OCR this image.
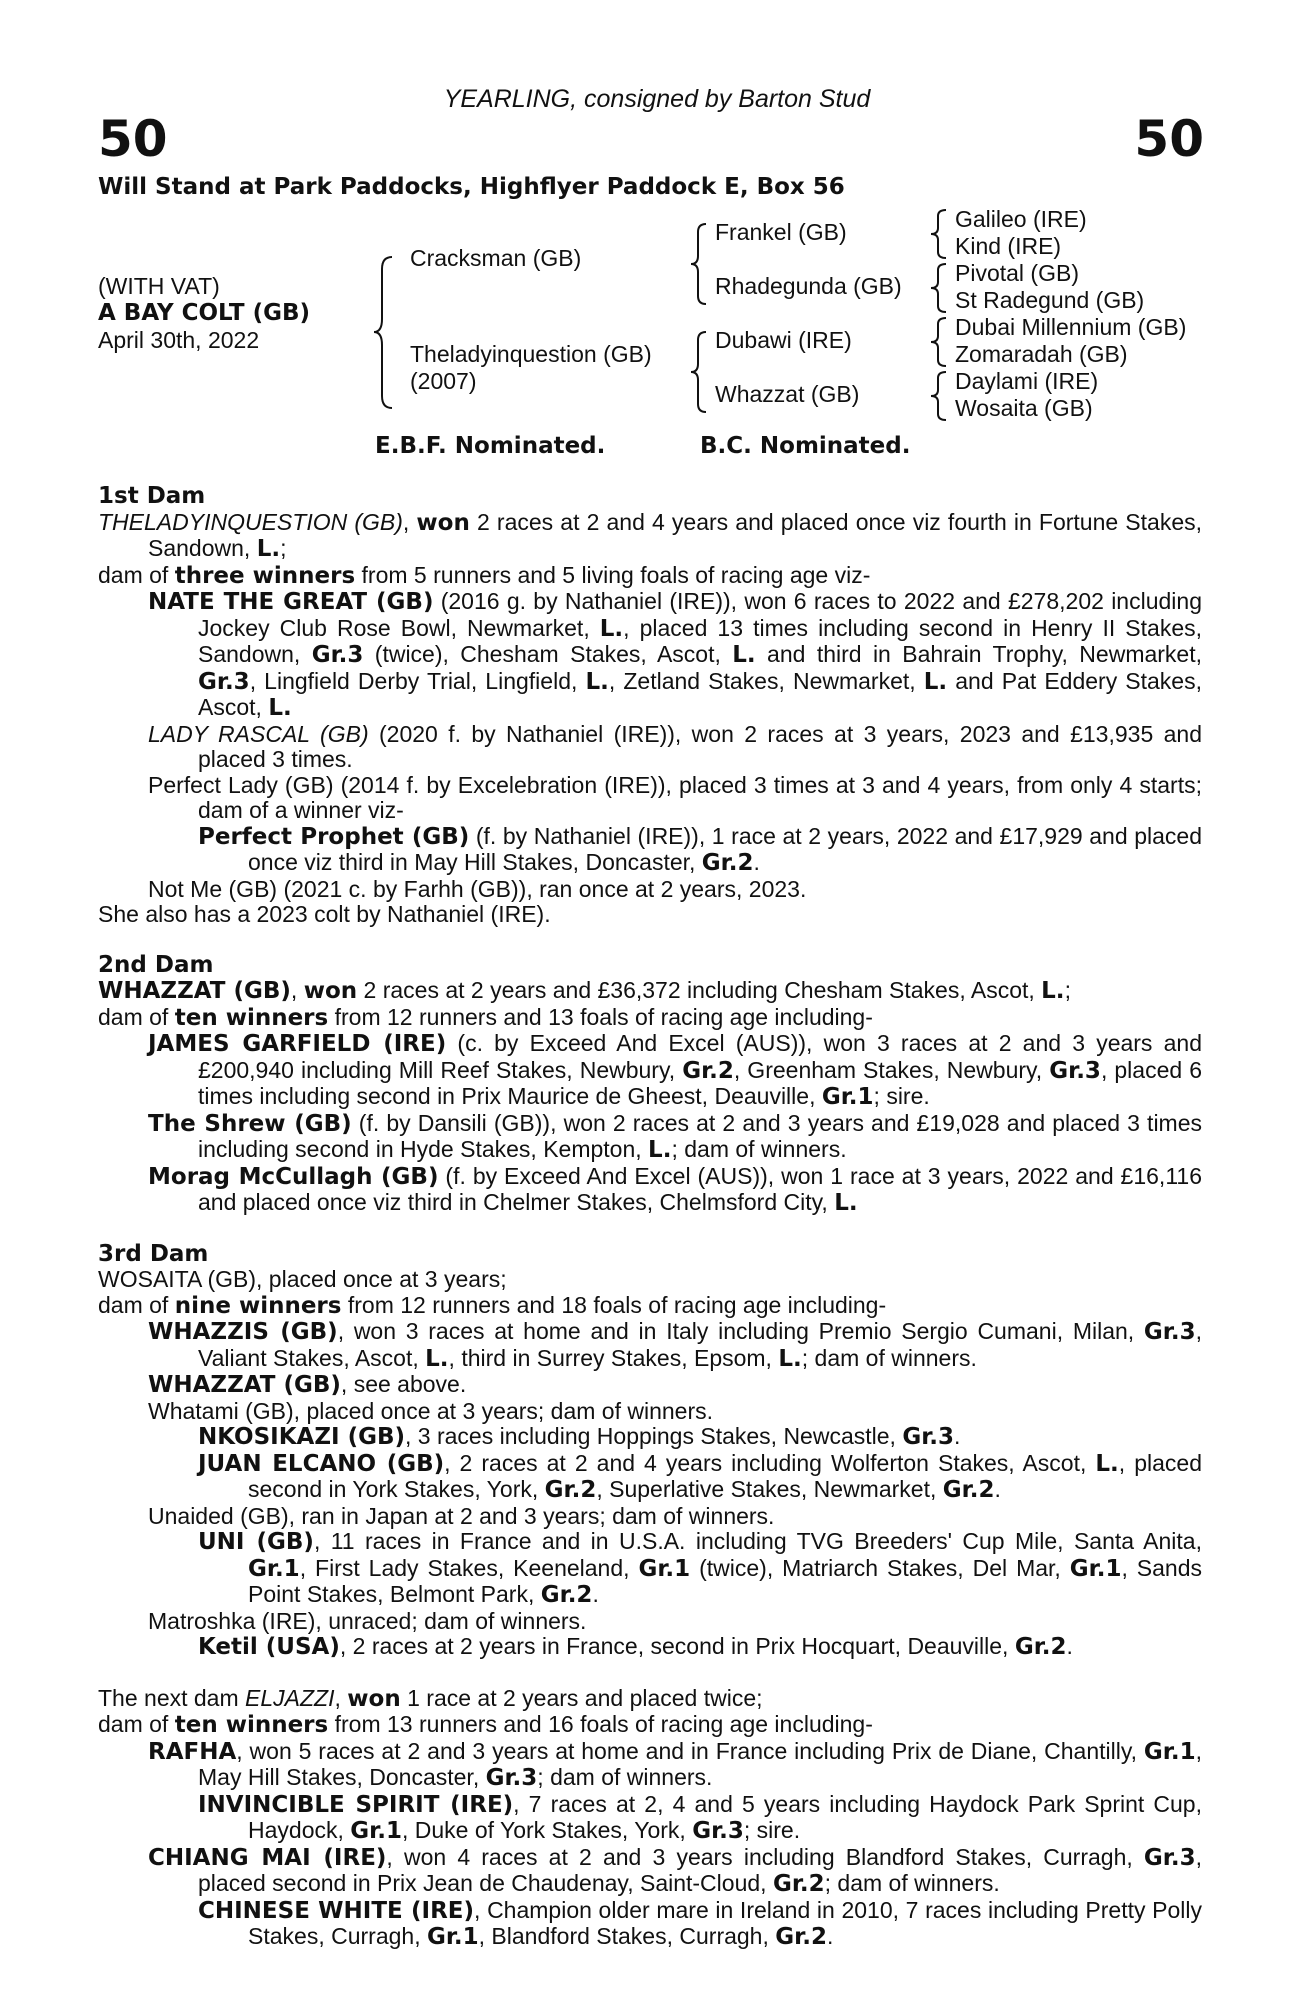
YEARLING, consigned by Barton Stud
50	50
Will Stand at Park Paddocks, Highflyer Paddock E, Box 56
(WITH VAT)
A BAY COLT (GB)
April 30th, 2022
Cracksman (GB)
Theladyinquestion (GB)
(2007)
Frankel (GB)
Rhadegunda (GB)
Dubawi (IRE)
Whazzat (GB)
Galileo (IRE)
Kind (IRE)
Pivotal (GB)
St Radegund (GB)
Dubai Millennium (GB)
Zomaradah (GB)
Daylami (IRE)
Wosaita (GB)
E.B.F. Nominated.	B.C. Nominated.

1st Dam

THELADYINQUESTION (GB), won 2 races at 2 and 4 years and placed once viz fourth in Fortune Stakes, Sandown, L.;

dam of three winners from 5 runners and 5 living foals of racing age viz-

NATE THE GREAT (GB) (2016 g. by Nathaniel (IRE)), won 6 races to 2022 and £278,202 including Jockey Club Rose Bowl, Newmarket, L., placed 13 times including second in Henry II Stakes, Sandown, Gr.3 (twice), Chesham Stakes, Ascot, L. and third in Bahrain Trophy, Newmarket, Gr.3, Lingfield Derby Trial, Lingfield, L., Zetland Stakes, Newmarket, L. and Pat Eddery Stakes, Ascot, L.

LADY RASCAL (GB) (2020 f. by Nathaniel (IRE)), won 2 races at 3 years, 2023 and £13,935 and placed 3 times.

Perfect Lady (GB) (2014 f. by Excelebration (IRE)), placed 3 times at 3 and 4 years, from only 4 starts; dam of a winner viz-

Perfect Prophet (GB) (f. by Nathaniel (IRE)), 1 race at 2 years, 2022 and £17,929 and placed once viz third in May Hill Stakes, Doncaster, Gr.2.

Not Me (GB) (2021 c. by Farhh (GB)), ran once at 2 years, 2023.

She also has a 2023 colt by Nathaniel (IRE).

2nd Dam

WHAZZAT (GB), won 2 races at 2 years and £36,372 including Chesham Stakes, Ascot, L.;

dam of ten winners from 12 runners and 13 foals of racing age including-

JAMES GARFIELD (IRE) (c. by Exceed And Excel (AUS)), won 3 races at 2 and 3 years and £200,940 including Mill Reef Stakes, Newbury, Gr.2, Greenham Stakes, Newbury, Gr.3, placed 6 times including second in Prix Maurice de Gheest, Deauville, Gr.1; sire.

The Shrew (GB) (f. by Dansili (GB)), won 2 races at 2 and 3 years and £19,028 and placed 3 times including second in Hyde Stakes, Kempton, L.; dam of winners.

Morag McCullagh (GB) (f. by Exceed And Excel (AUS)), won 1 race at 3 years, 2022 and £16,116 and placed once viz third in Chelmer Stakes, Chelmsford City, L.

3rd Dam

WOSAITA (GB), placed once at 3 years;

dam of nine winners from 12 runners and 18 foals of racing age including-

WHAZZIS (GB), won 3 races at home and in Italy including Premio Sergio Cumani, Milan, Gr.3, Valiant Stakes, Ascot, L., third in Surrey Stakes, Epsom, L.; dam of winners.

WHAZZAT (GB), see above.

Whatami (GB), placed once at 3 years; dam of winners.

NKOSIKAZI (GB), 3 races including Hoppings Stakes, Newcastle, Gr.3.

JUAN ELCANO (GB), 2 races at 2 and 4 years including Wolferton Stakes, Ascot, L., placed second in York Stakes, York, Gr.2, Superlative Stakes, Newmarket, Gr.2.

Unaided (GB), ran in Japan at 2 and 3 years; dam of winners.

UNI (GB), 11 races in France and in U.S.A. including TVG Breeders' Cup Mile, Santa Anita, Gr.1, First Lady Stakes, Keeneland, Gr.1 (twice), Matriarch Stakes, Del Mar, Gr.1, Sands Point Stakes, Belmont Park, Gr.2.

Matroshka (IRE), unraced; dam of winners.

Ketil (USA), 2 races at 2 years in France, second in Prix Hocquart, Deauville, Gr.2.

The next dam ELJAZZI, won 1 race at 2 years and placed twice;

dam of ten winners from 13 runners and 16 foals of racing age including-

RAFHA, won 5 races at 2 and 3 years at home and in France including Prix de Diane, Chantilly, Gr.1, May Hill Stakes, Doncaster, Gr.3; dam of winners.

INVINCIBLE SPIRIT (IRE), 7 races at 2, 4 and 5 years including Haydock Park Sprint Cup, Haydock, Gr.1, Duke of York Stakes, York, Gr.3; sire.

CHIANG MAI (IRE), won 4 races at 2 and 3 years including Blandford Stakes, Curragh, Gr.3, placed second in Prix Jean de Chaudenay, Saint-Cloud, Gr.2; dam of winners.

CHINESE WHITE (IRE), Champion older mare in Ireland in 2010, 7 races including Pretty Polly Stakes, Curragh, Gr.1, Blandford Stakes, Curragh, Gr.2.
